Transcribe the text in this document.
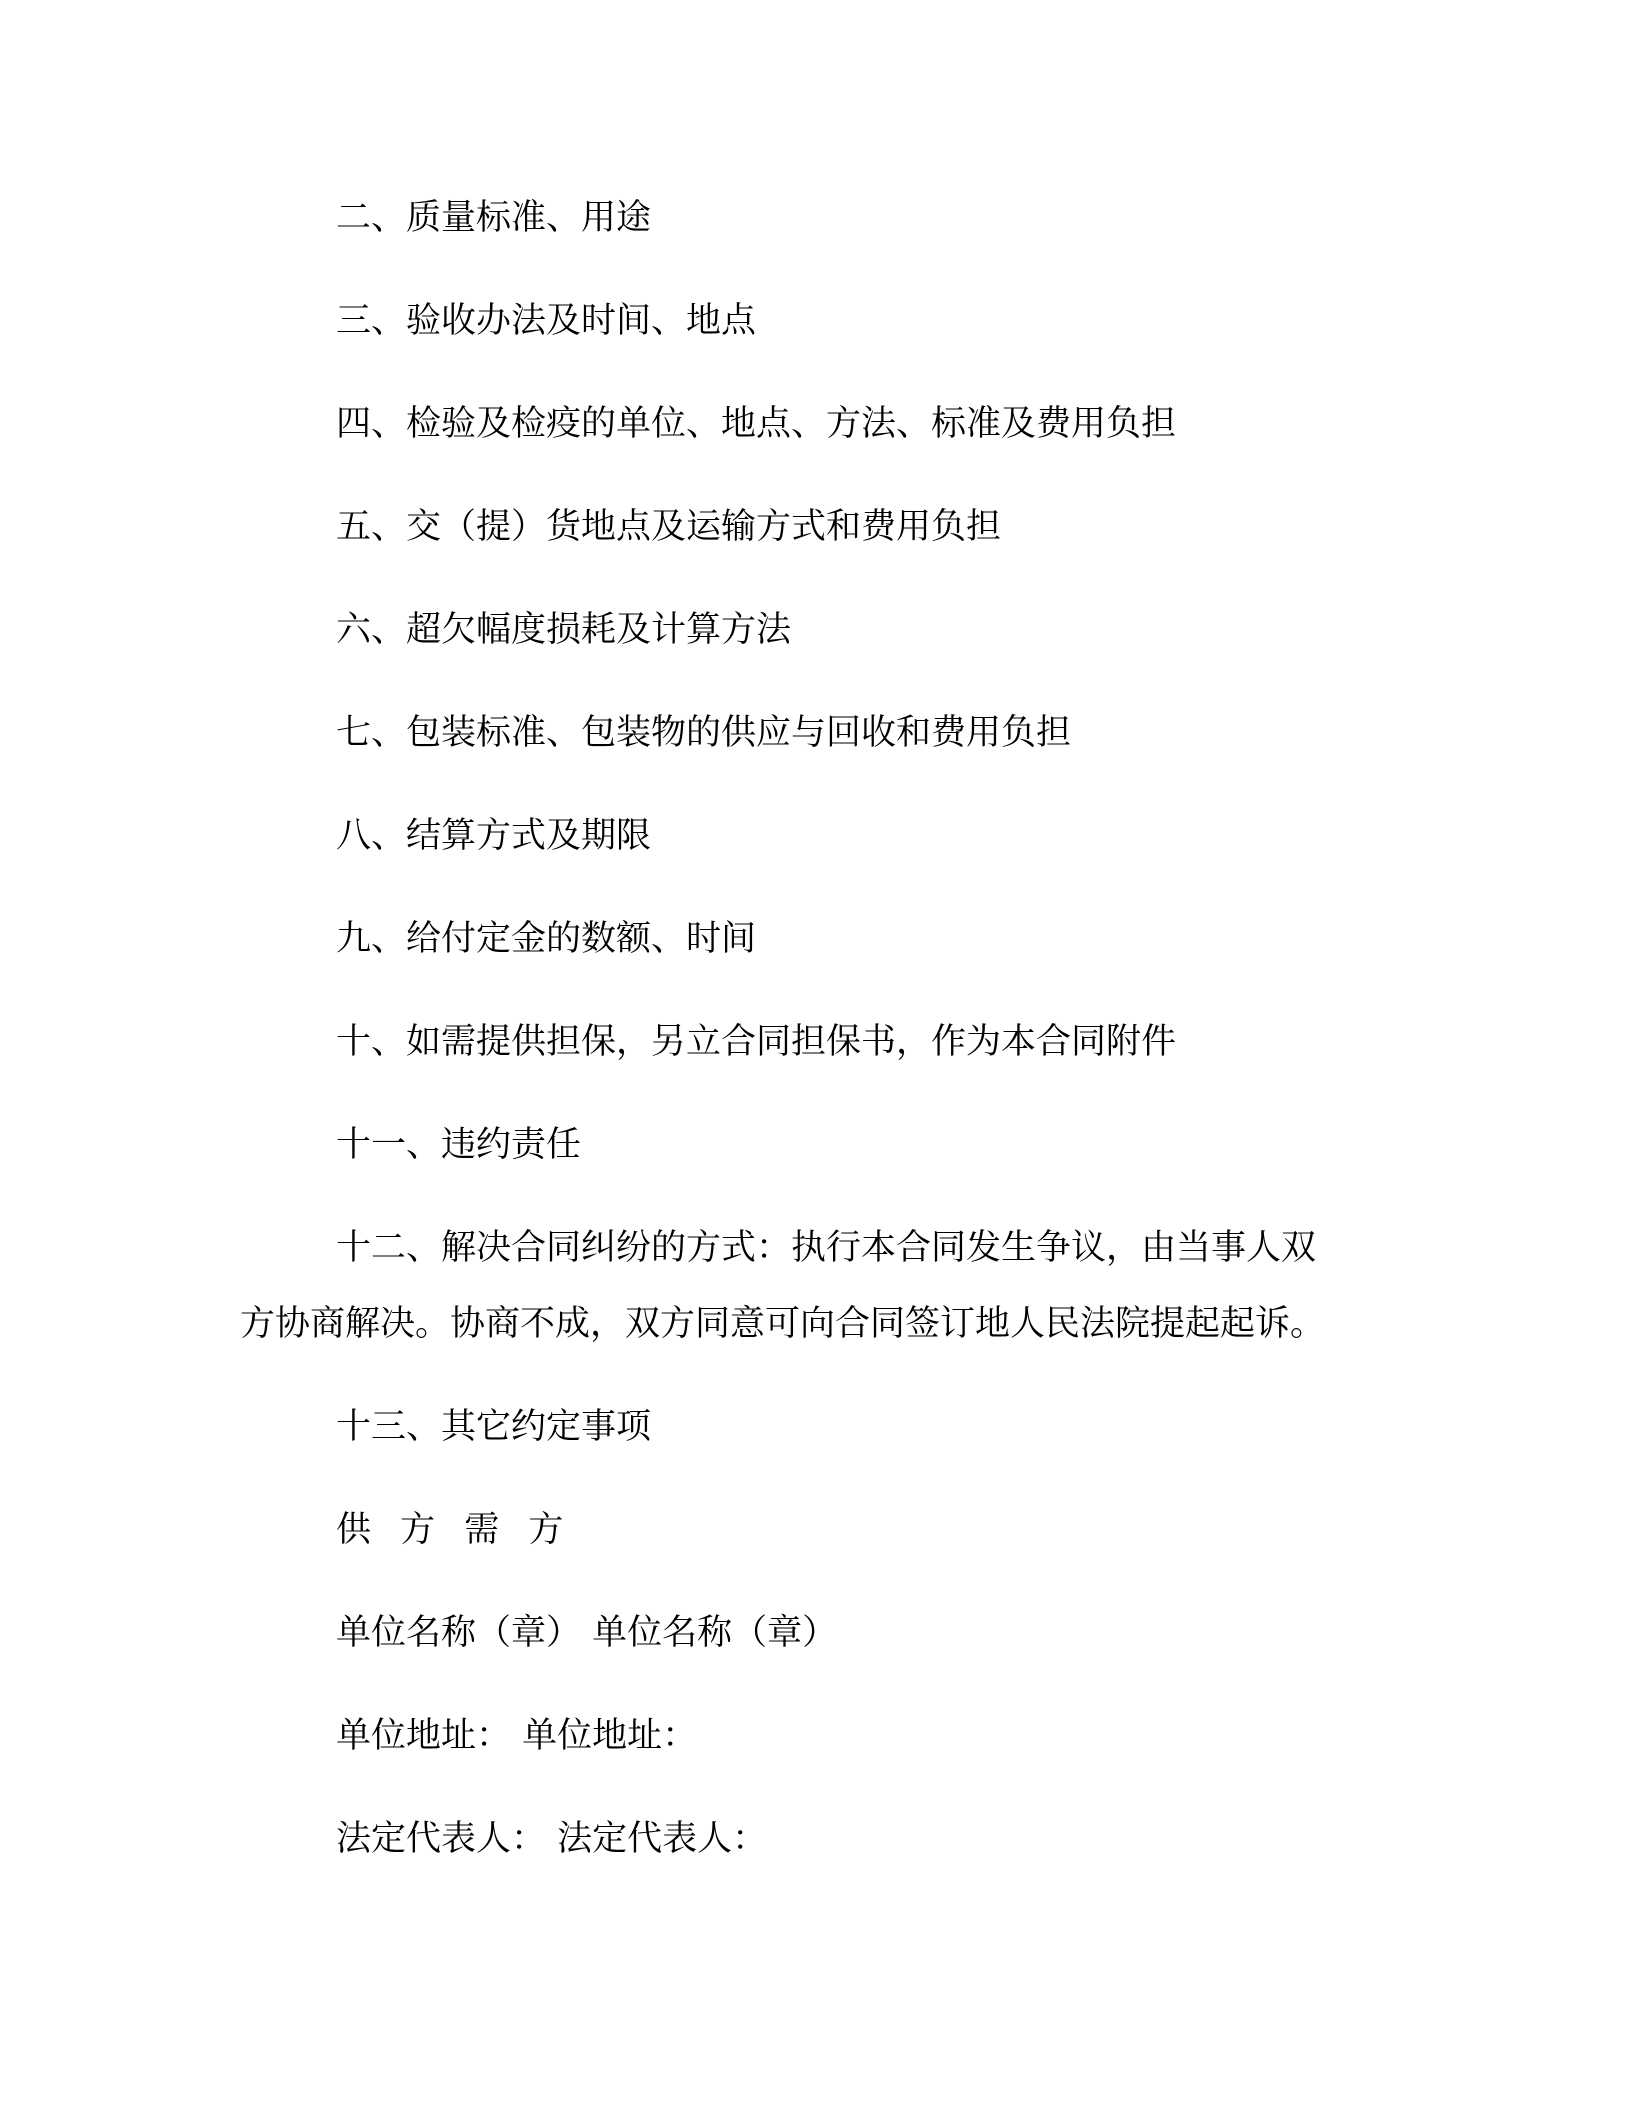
二、质量标准、用途
三、验收办法及时间、地点
四、检验及检疫的单位、地点、方法、标准及费用负担
五、交（提）货地点及运输方式和费用负担
六、超欠幅度损耗及计算方法
七、包装标准、包装物的供应与回收和费用负担
八、结算方式及期限
九、给付定金的数额、时间
十、如需提供担保，另立合同担保书，作为本合同附件
十一、违约责任
十二、解决合同纠纷的方式：执行本合同发生争议，由当事人双
方协商解决。协商不成，双方同意可向合同签订地人民法院提起起诉。
十三、其它约定事项
供 方 需 方
单位名称（章） 单位名称（章）
单位地址： 单位地址：
法定代表人： 法定代表人：
